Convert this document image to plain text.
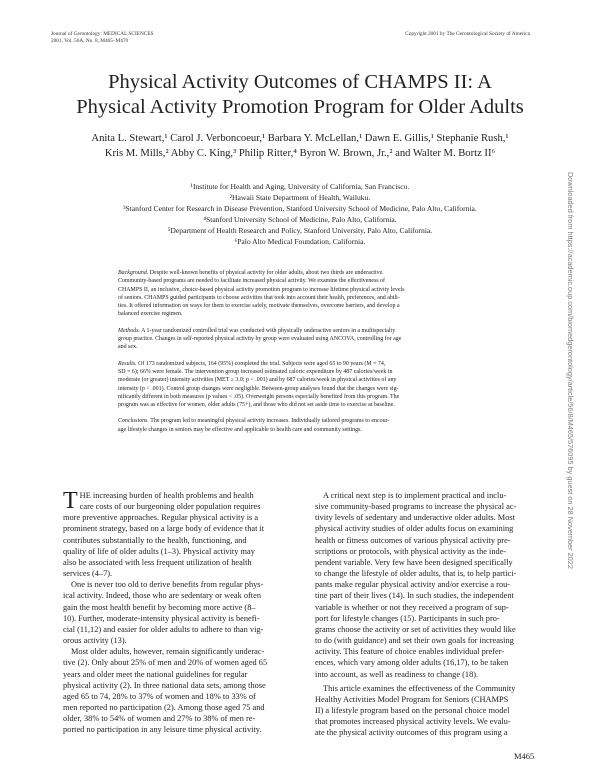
Journal of Gerontology: MEDICAL SCIENCES
2001, Vol. 56A, No. 8, M465–M470
Copyright 2001 by The Gerontological Society of America
Physical Activity Outcomes of CHAMPS II: A
Physical Activity Promotion Program for Older Adults
Anita L. Stewart,¹ Carol J. Verboncoeur,¹ Barbara Y. McLellan,¹ Dawn E. Gillis,¹ Stephanie Rush,¹
Kris M. Mills,² Abby C. King,³ Philip Ritter,⁴ Byron W. Brown, Jr.,² and Walter M. Bortz II⁶
¹Institute for Health and Aging, University of California, San Francisco.
²Hawaii State Department of Health, Wailuku.
³Stanford Center for Research in Disease Prevention, Stanford University School of Medicine, Palo Alto, California.
⁴Stanford University School of Medicine, Palo Alto, California.
⁵Department of Health Research and Policy, Stanford University, Palo Alto, California.
⁶Palo Alto Medical Foundation, California.

Background. Despite well-known benefits of physical activity for older adults, about two thirds are underactive.
Community-based programs are needed to facilitate increased physical activity. We examine the effectiveness of
CHAMPS II, an inclusive, choice-based physical activity promotion program to increase lifetime physical activity levels
of seniors. CHAMPS guided participants to choose activities that took into account their health, preferences, and abili-
ties. It offered information on ways for them to exercise safely, motivate themselves, overcome barriers, and develop a
balanced exercise regimen.

Methods. A 1-year randomized controlled trial was conducted with physically underactive seniors in a multispecialty
group practice. Changes in self-reported physical activity by group were evaluated using ANCOVA, controlling for age
and sex.

Results. Of 173 randomized subjects, 164 (95%) completed the trial. Subjects were aged 65 to 90 years (M = 74,
SD = 6); 66% were female. The intervention group increased estimated caloric expenditure by 487 calories/week in
moderate (or greater) intensity activities (MET ≥ 3.0; p < .001) and by 687 calories/week in physical activities of any
intensity (p < .001). Control group changes were negligible. Between-group analyses found that the changes were sig-
nificantly different in both measures (p values < .05). Overweight persons especially benefited from this program. The
program was as effective for women, older adults (75+), and those who did not set aside time to exercise at baseline.

Conclusions. The program led to meaningful physical activity increases. Individually tailored programs to encour-
age lifestyle changes in seniors may be effective and applicable to health care and community settings.

T HE increasing burden of health problems and health
care costs of our burgeoning older population requires
more preventive approaches. Regular physical activity is a
prominent strategy, based on a large body of evidence that it
contributes substantially to the health, functioning, and
quality of life of older adults (1–3). Physical activity may
also be associated with less frequent utilization of health
services (4–7).
One is never too old to derive benefits from regular phys-
ical activity. Indeed, those who are sedentary or weak often
gain the most health benefit by becoming more active (8–
10). Further, moderate-intensity physical activity is benefi-
cial (11,12) and easier for older adults to adhere to than vig-
orous activity (13).
Most older adults, however, remain significantly underac-
tive (2). Only about 25% of men and 20% of women aged 65
years and older meet the national guidelines for regular
physical activity (2). In three national data sets, among those
aged 65 to 74, 28% to 37% of women and 18% to 33% of
men reported no participation (2). Among those aged 75 and
older, 38% to 54% of women and 27% to 38% of men re-
ported no participation in any leisure time physical activity.
A critical next step is to implement practical and inclu-
sive community-based programs to increase the physical ac-
tivity levels of sedentary and underactive older adults. Most
physical activity studies of older adults focus on examining
health or fitness outcomes of various physical activity pre-
scriptions or protocols, with physical activity as the inde-
pendent variable. Very few have been designed specifically
to change the lifestyle of older adults, that is, to help partici-
pants make regular physical activity and/or exercise a rou-
tine part of their lives (14). In such studies, the independent
variable is whether or not they received a program of sup-
port for lifestyle changes (15). Participants in such pro-
grams choose the activity or set of activities they would like
to do (with guidance) and set their own goals for increasing
activity. This feature of choice enables individual prefer-
ences, which vary among older adults (16,17), to be taken
into account, as well as readiness to change (18).
This article examines the effectiveness of the Community
Healthy Activities Model Program for Seniors (CHAMPS
II) a lifestyle program based on the personal choice model
that promotes increased physical activity levels. We evalu-
ate the physical activity outcomes of this program using a
M465
Downloaded from https://academic.oup.com/biomedgerontology/article/56/8/M465/576095 by guest on 28 November 2022
